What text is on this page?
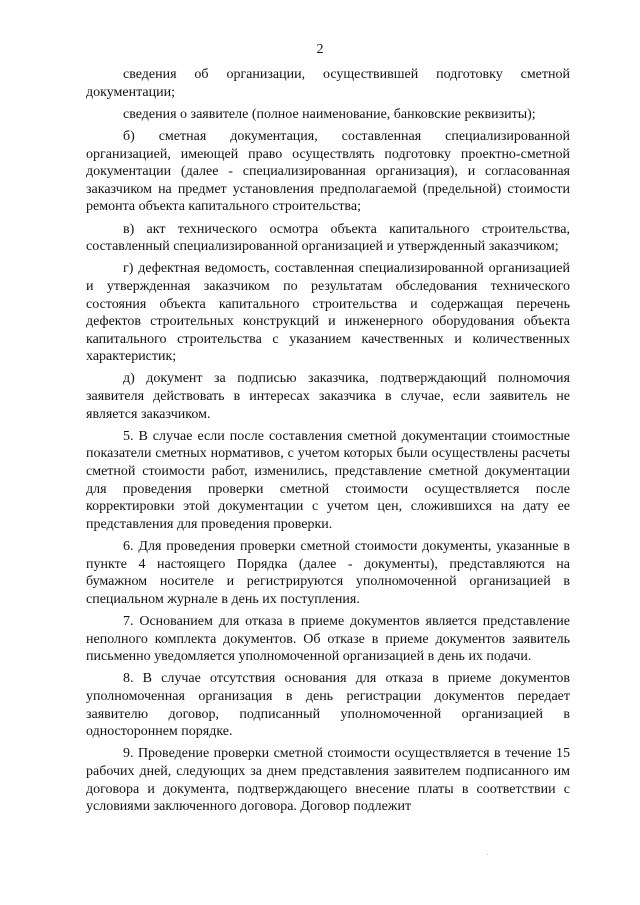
2

сведения об организации, осуществившей подготовку сметной документации;

сведения о заявителе (полное наименование, банковские реквизиты);

б) сметная документация, составленная специализированной организацией, имеющей право осуществлять подготовку проектно-сметной документации (далее - специализированная организация), и согласованная заказчиком на предмет установления предполагаемой (предельной) стоимости ремонта объекта капитального строительства;

в) акт технического осмотра объекта капитального строительства, составленный специализированной организацией и утвержденный заказчиком;

г) дефектная ведомость, составленная специализированной организацией и утвержденная заказчиком по результатам обследования технического состояния объекта капитального строительства и содержащая перечень дефектов строительных конструкций и инженерного оборудования объекта капитального строительства с указанием качественных и количественных характеристик;

д) документ за подписью заказчика, подтверждающий полномочия заявителя действовать в интересах заказчика в случае, если заявитель не является заказчиком.

5. В случае если после составления сметной документации стоимостные показатели сметных нормативов, с учетом которых были осуществлены расчеты сметной стоимости работ, изменились, представление сметной документации для проведения проверки сметной стоимости осуществляется после корректировки этой документации с учетом цен, сложившихся на дату ее представления для проведения проверки.

6. Для проведения проверки сметной стоимости документы, указанные в пункте 4 настоящего Порядка (далее - документы), представляются на бумажном носителе и регистрируются уполномоченной организацией в специальном журнале в день их поступления.

7. Основанием для отказа в приеме документов является представление неполного комплекта документов. Об отказе в приеме документов заявитель письменно уведомляется уполномоченной организацией в день их подачи.

8. В случае отсутствия основания для отказа в приеме документов уполномоченная организация в день регистрации документов передает заявителю договор, подписанный уполномоченной организацией в одностороннем порядке.

9. Проведение проверки сметной стоимости осуществляется в течение 15 рабочих дней, следующих за днем представления заявителем подписанного им договора и документа, подтверждающего внесение платы в соответствии с условиями заключенного договора. Договор подлежит
